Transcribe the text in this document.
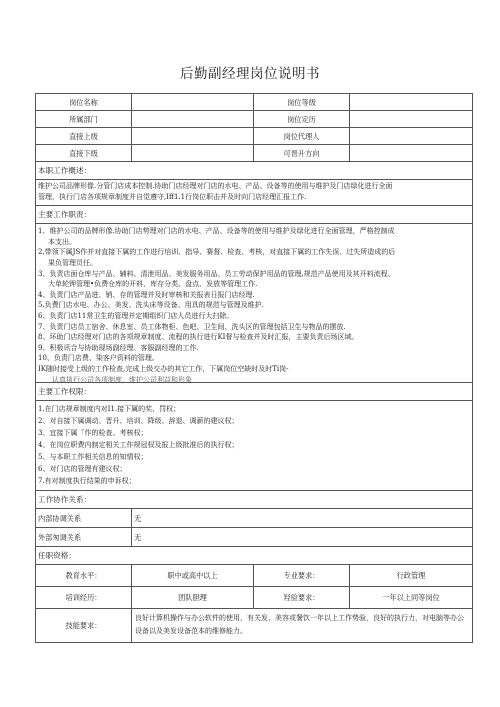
后勤副经理岗位说明书
岗位名称	岗位等级
所属部门	岗位定历
直接上级	岗位代理人
直接下级	可晋升方向
本职工作概述：

维护公司品牌形像.分管门店成本控制.协助门店经理对门店的水电、产品、设备等的使用与维护及门店绿化进行全面

管理，执行门店各项规章制度并自觉遵守,Iff1.1行岗位职击并及时向门店经理汇报工作.

主要工作职责：

1、维护公司的品牌形像.协助门店势理对门店的水电、产品、设备等的使用与维护及绿化进行全面管理，严格控制成

本支出。

2,带领下属JS作并对直接下属的工作进行培训、指导、赛督、检查、考核，对直接下属的工作失误、过失所造成的后

果负管理员任。

3、负责店面仓库与产品、辅料、清泄用品、美发服务用品、员工劳动保护用品的管理,规范产品使用及其开料流程、

大单轮钾管理•负费仓库的开料、库存分类、盘点、发放等管理工作.

4、负责门店产品进、销、存的管理并及时审核和关报表日报门店经理.

5.负费门店水电、办公、美发、洗头床等设备、用具的规范与管理及维护.

6、负责门店11常卫生的管理并定期组织门店人员进行大扫除。

7、负责门店员工宿舍、休息室、员工体物柜、色吧、卫生间、洗头区的管理包括卫生与物品的摆放.

8、环助门店经理对门店的各项规章制度、流程的执行进行KI督与检查并及时汇报，主要负责后场区域。

9、积极讯合与协助现场副经理、客服副经理的工作.

10、负责门店费、染客户资料的管理。

IK随时接受上级的工作检查,完成上级交办的其它工作，下属岗位空缺时及时Ti岗-

认真执行公司各项制度，维护公司利益和形象
主要工作权限：

1.在门店规章制度内对I1.接下属的奖、罚权；

2、对自接下属调动、晋升、培训、降级、辞退、调薪的建议权；

3、宜接下属「作的检查、考核权；

4、在岗位职费内制定相关工作规冠权及报上级批准后的执行权；

5、与本职工作相关信息的知情权；

6、对门店的管理有建议权；

7.有对制度执行结果的申诉权；

工作协作关系：
内部协调关系	无
外部匆调关系	无
任职资格：
教育水平：	职中或高中以上	专业要求：	行政管理
培训经历：	团队胆理	羟验要求：	一年以上同等岗位
技能要求：
良好计算机操作与办公软件的使用，有关发、美容或餐饮一年以上工作势验，良好的执行力，对电脑等办公设备以及美发设备范本的维修能力。
